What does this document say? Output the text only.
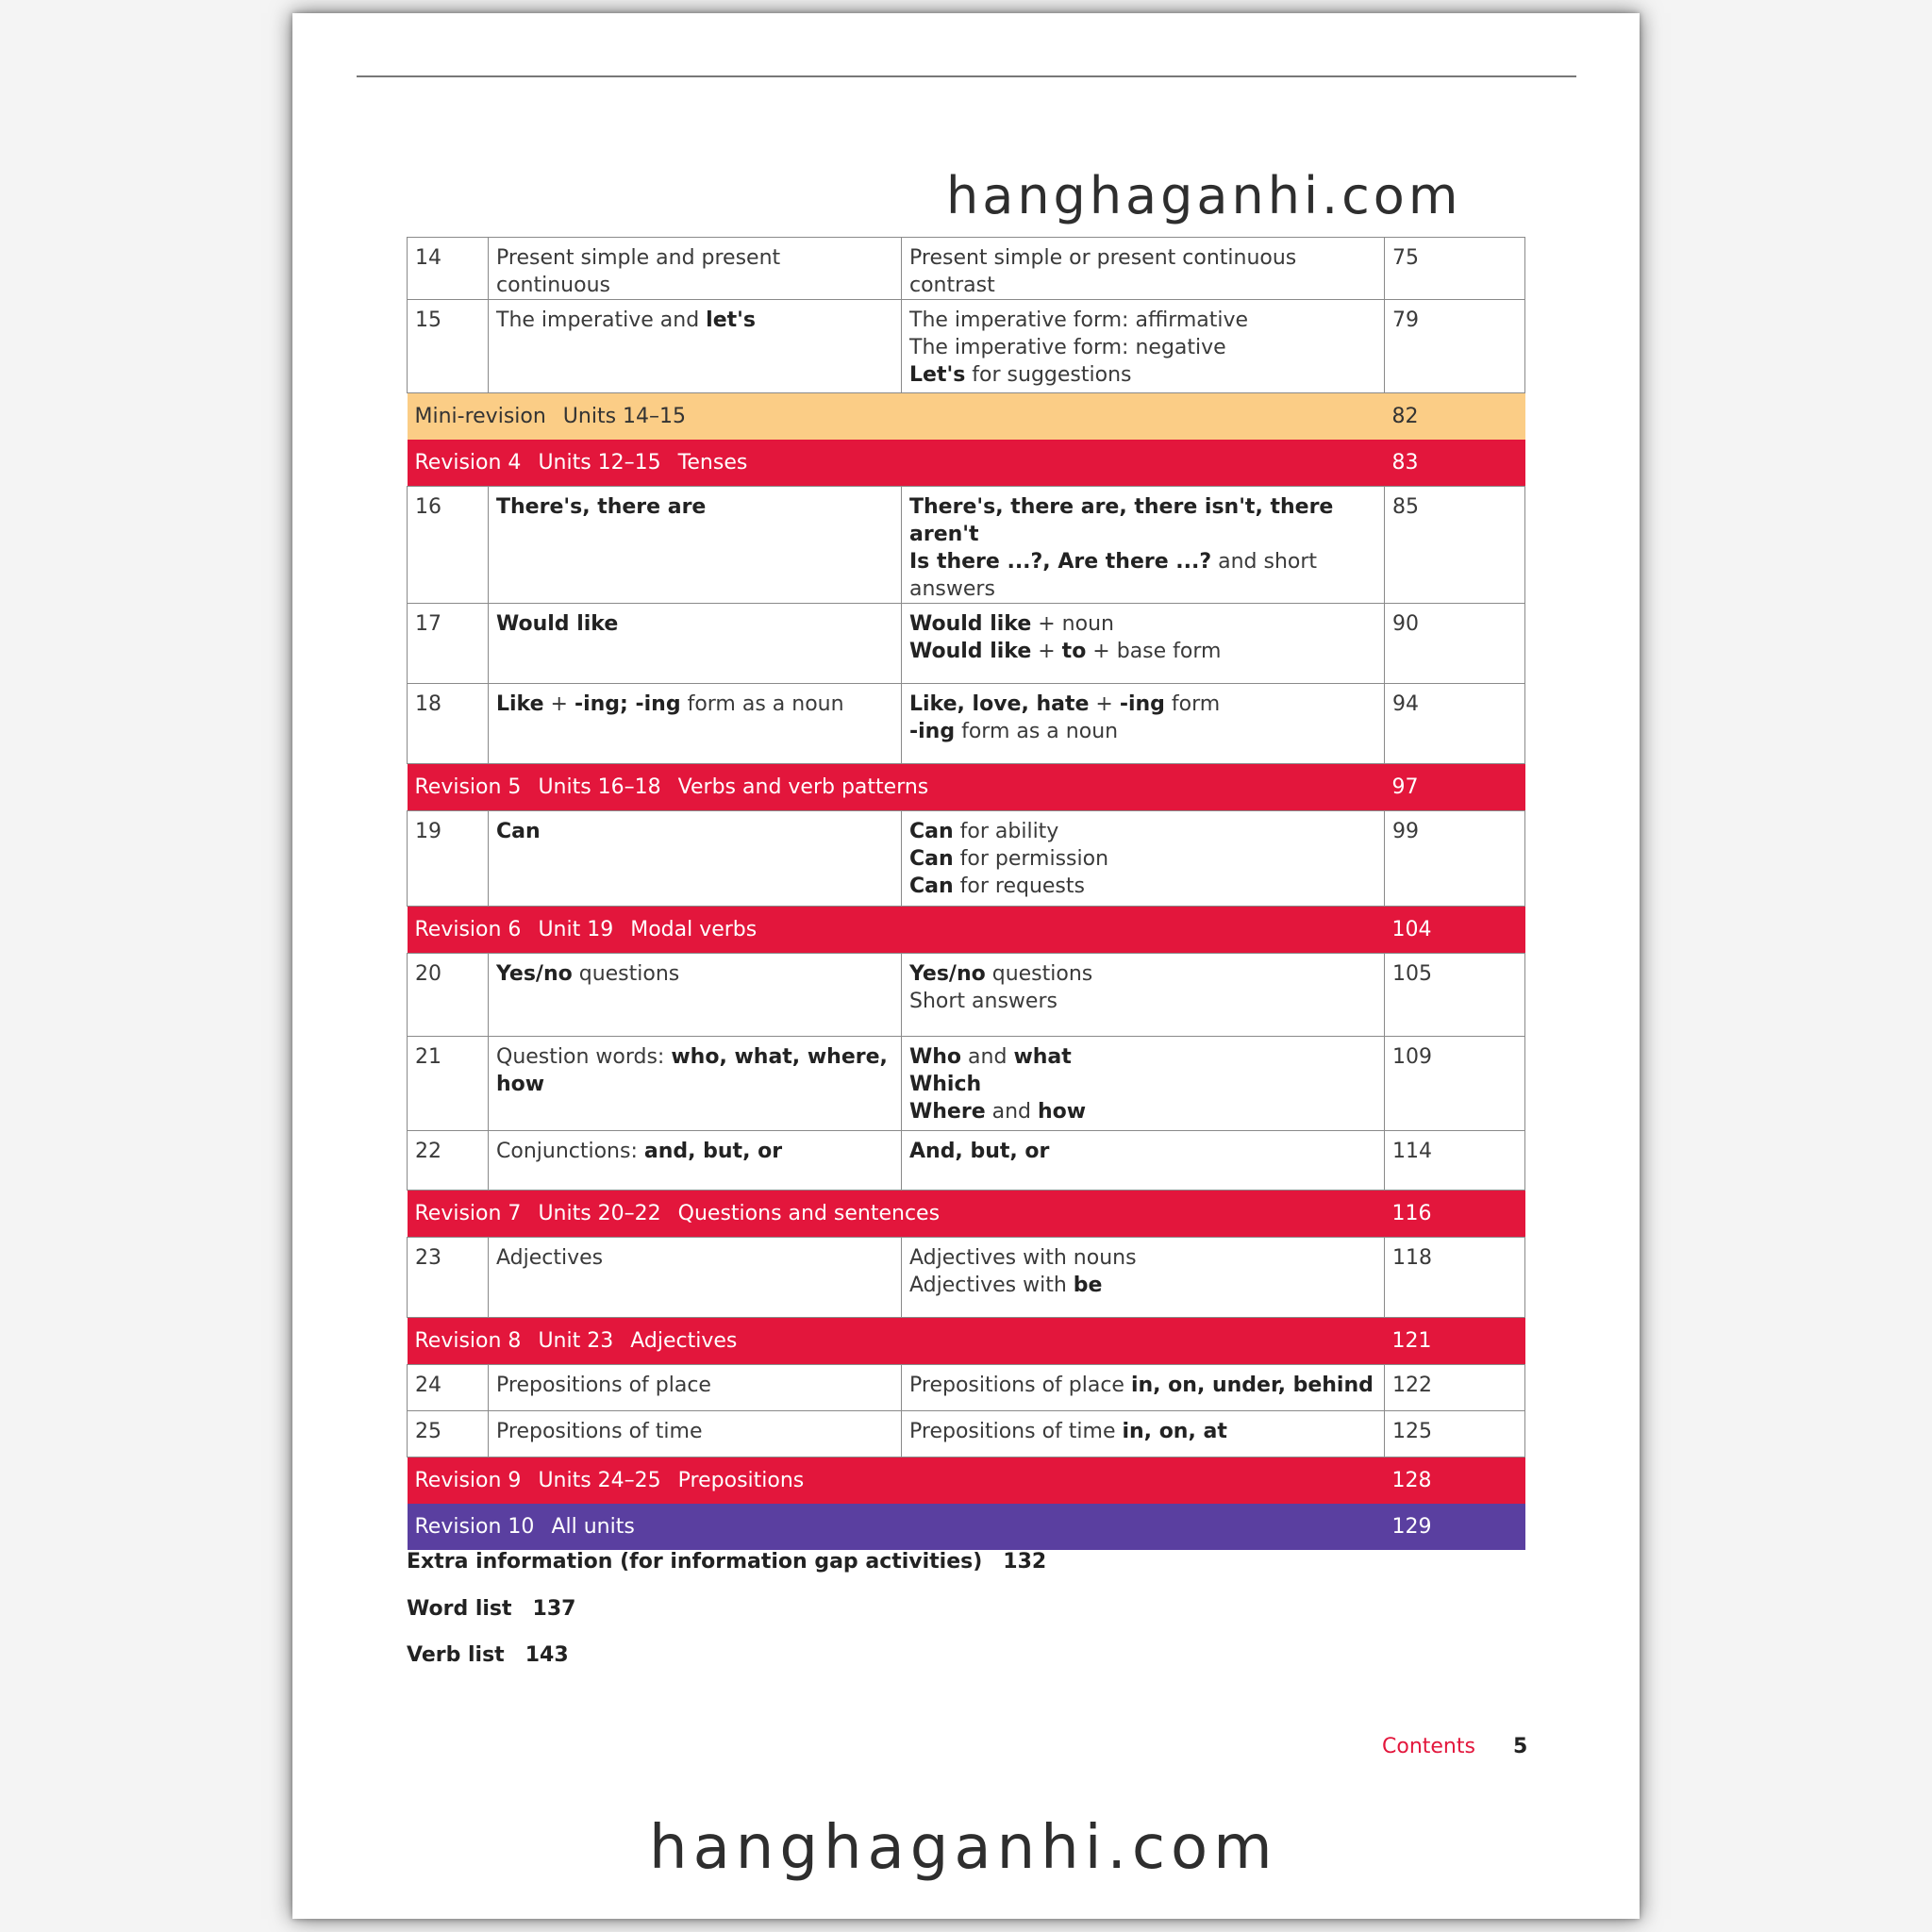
hanghaganhi.com
14	Present simple and present continuous	Present simple or present continuous contrast	75
15	The imperative and let's	The imperative form: affirmative
The imperative form: negative
Let's for suggestions	79
Mini-revision Units 14–15			82
Revision 4 Units 12–15 Tenses			83
16	There's, there are	There's, there are, there isn't, there aren't
Is there ...?, Are there ...? and short answers	85
17	Would like	Would like + noun
Would like + to + base form	90
18	Like + -ing; -ing form as a noun	Like, love, hate + -ing form
-ing form as a noun	94
Revision 5 Units 16–18 Verbs and verb patterns			97
19	Can	Can for ability
Can for permission
Can for requests	99
Revision 6 Unit 19 Modal verbs			104
20	Yes/no questions	Yes/no questions
Short answers	105
21	Question words: who, what, where,
how	Who and what
Which
Where and how	109
22	Conjunctions: and, but, or	And, but, or	114
Revision 7 Units 20–22 Questions and sentences			116
23	Adjectives	Adjectives with nouns
Adjectives with be	118
Revision 8 Unit 23 Adjectives			121
24	Prepositions of place	Prepositions of place in, on, under, behind	122
25	Prepositions of time	Prepositions of time in, on, at	125
Revision 9 Units 24–25 Prepositions			128
Revision 10 All units			129
Extra information (for information gap activities) 132
Word list 137
Verb list 143
Contents 5
hanghaganhi.com
